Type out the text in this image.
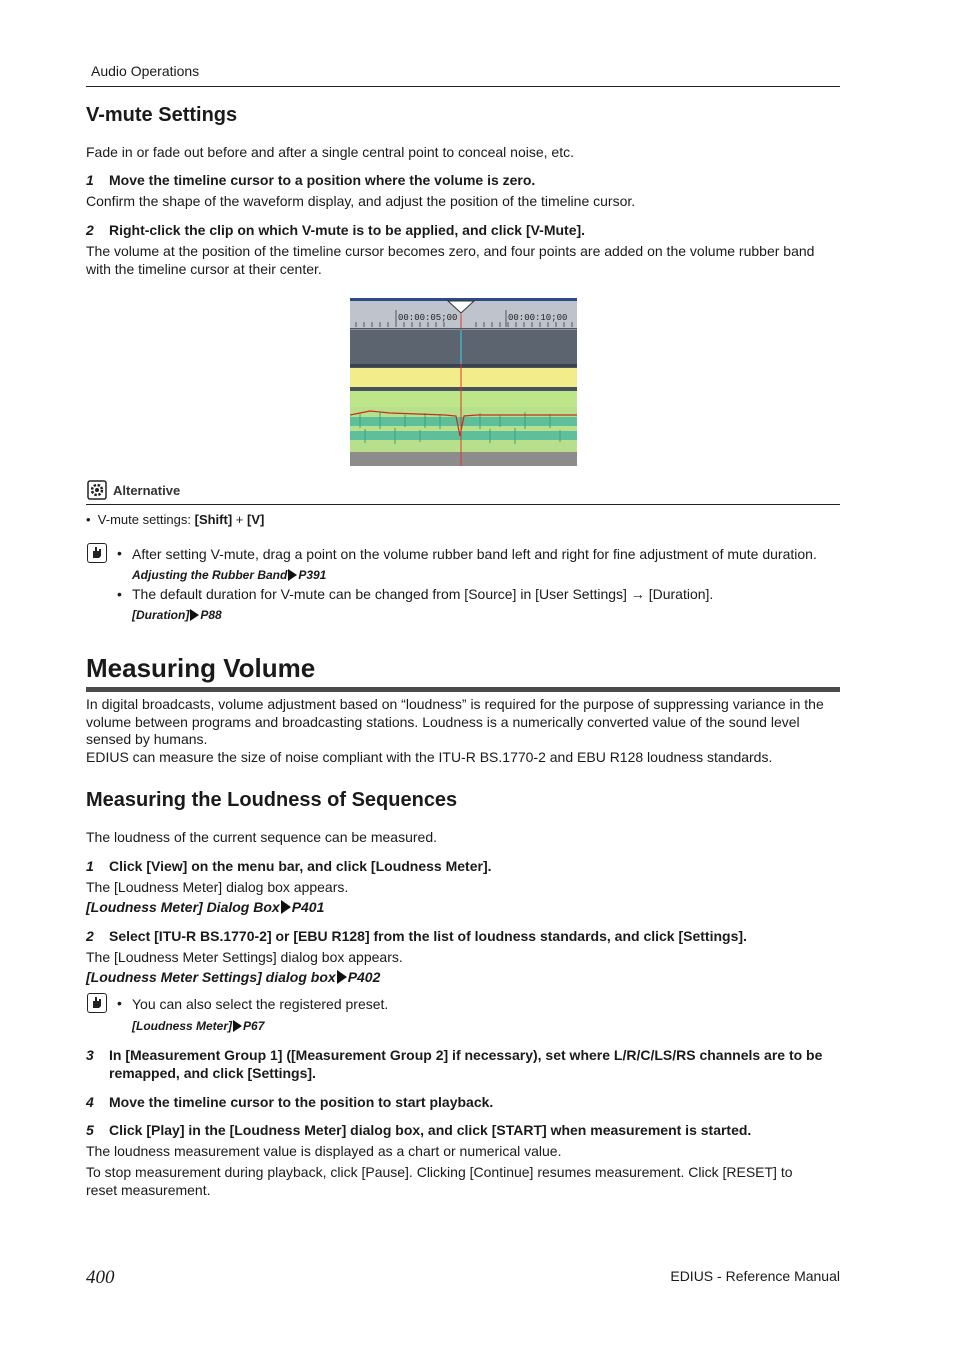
Audio Operations
V-mute Settings
Fade in or fade out before and after a single central point to conceal noise, etc.
1 Move the timeline cursor to a position where the volume is zero.
Confirm the shape of the waveform display, and adjust the position of the timeline cursor.
2 Right-click the clip on which V-mute is to be applied, and click [V-Mute].
The volume at the position of the timeline cursor becomes zero, and four points are added on the volume rubber band
with the timeline cursor at their center.
00:00:05;00	00:00:10;00
Alternative
•  V-mute settings: [Shift] + [V]
• After setting V-mute, drag a point on the volume rubber band left and right for fine adjustment of mute duration.
Adjusting the Rubber Band P391
• The default duration for V-mute can be changed from [Source] in [User Settings] → [Duration].
[Duration] P88
Measuring Volume
In digital broadcasts, volume adjustment based on “loudness” is required for the purpose of suppressing variance in the
volume between programs and broadcasting stations. Loudness is a numerically converted value of the sound level
sensed by humans.
EDIUS can measure the size of noise compliant with the ITU-R BS.1770-2 and EBU R128 loudness standards.
Measuring the Loudness of Sequences
The loudness of the current sequence can be measured.
1 Click [View] on the menu bar, and click [Loudness Meter].
The [Loudness Meter] dialog box appears.
[Loudness Meter] Dialog Box P401
2 Select [ITU-R BS.1770-2] or [EBU R128] from the list of loudness standards, and click [Settings].
The [Loudness Meter Settings] dialog box appears.
[Loudness Meter Settings] dialog box P402
• You can also select the registered preset.
[Loudness Meter] P67
3 In [Measurement Group 1] ([Measurement Group 2] if necessary), set where L/R/C/LS/RS channels are to be
remapped, and click [Settings].
4 Move the timeline cursor to the position to start playback.
5 Click [Play] in the [Loudness Meter] dialog box, and click [START] when measurement is started.
The loudness measurement value is displayed as a chart or numerical value.
To stop measurement during playback, click [Pause]. Clicking [Continue] resumes measurement. Click [RESET] to
reset measurement.
400	EDIUS - Reference Manual
